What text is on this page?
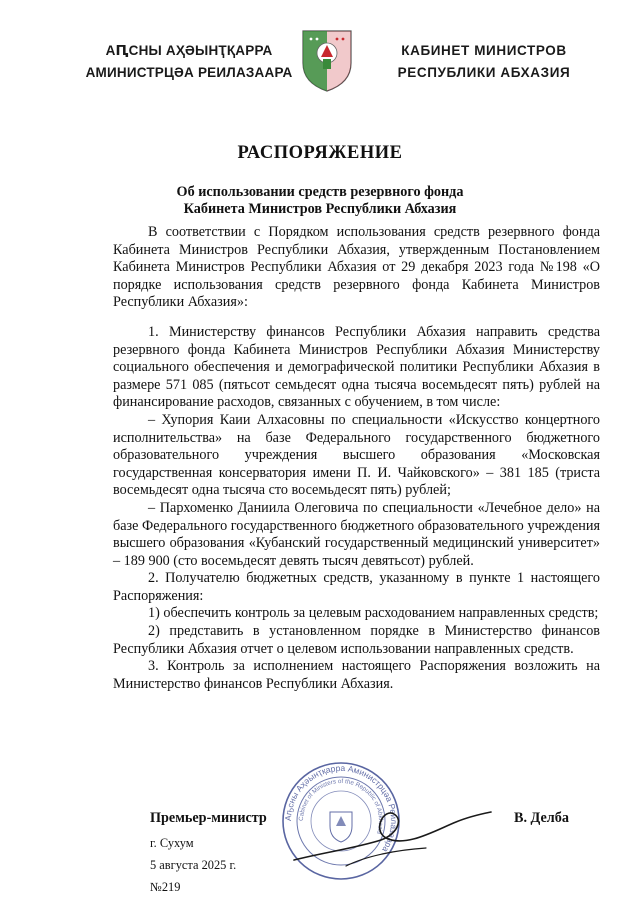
АԤСНЫ АҲӘЫНҬҚАРРА
АМИНИСТРЦӘА РЕИЛАЗААРА
КАБИНЕТ МИНИСТРОВ
РЕСПУБЛИКИ АБХАЗИЯ
РАСПОРЯЖЕНИЕ
Об использовании средств резервного фонда
Кабинета Министров Республики Абхазия

В соответствии с Порядком использования средств резервного фонда Кабинета Министров Республики Абхазия, утвержденным Постановлением Кабинета Министров Республики Абхазия от 29 декабря 2023 года №198 «О порядке использования средств резервного фонда Кабинета Министров Республики Абхазия»:

1. Министерству финансов Республики Абхазия направить средства резервного фонда Кабинета Министров Республики Абхазия Министерству социального обеспечения и демографической политики Республики Абхазия в размере 571 085 (пятьсот семьдесят одна тысяча восемьдесят пять) рублей на финансирование расходов, связанных с обучением, в том числе:

– Хупория Каии Алхасовны по специальности «Искусство концертного исполнительства» на базе Федерального государственного бюджетного образовательного учреждения высшего образования «Московская государственная консерватория имени П. И. Чайковского» – 381 185 (триста восемьдесят одна тысяча сто восемьдесят пять) рублей;

– Пархоменко Даниила Олеговича по специальности «Лечебное дело» на базе Федерального государственного бюджетного образовательного учреждения высшего образования «Кубанский государственный медицинский университет» – 189 900 (сто восемьдесят девять тысяч девятьсот) рублей.

2. Получателю бюджетных средств, указанному в пункте 1 настоящего Распоряжения:

1) обеспечить контроль за целевым расходованием направленных средств;

2) представить в установленном порядке в Министерство финансов Республики Абхазия отчет о целевом использовании направленных средств.

3. Контроль за исполнением настоящего Распоряжения возложить на Министерство финансов Республики Абхазия.

Аҧсны Аҳәынҭқарра Аминистрцәа Реилазаара
Cabinet of Ministers of the Republic of Abkhazia
Премьер-министр	В. Делба
г. Сухум
5 августа 2025 г.
№219
